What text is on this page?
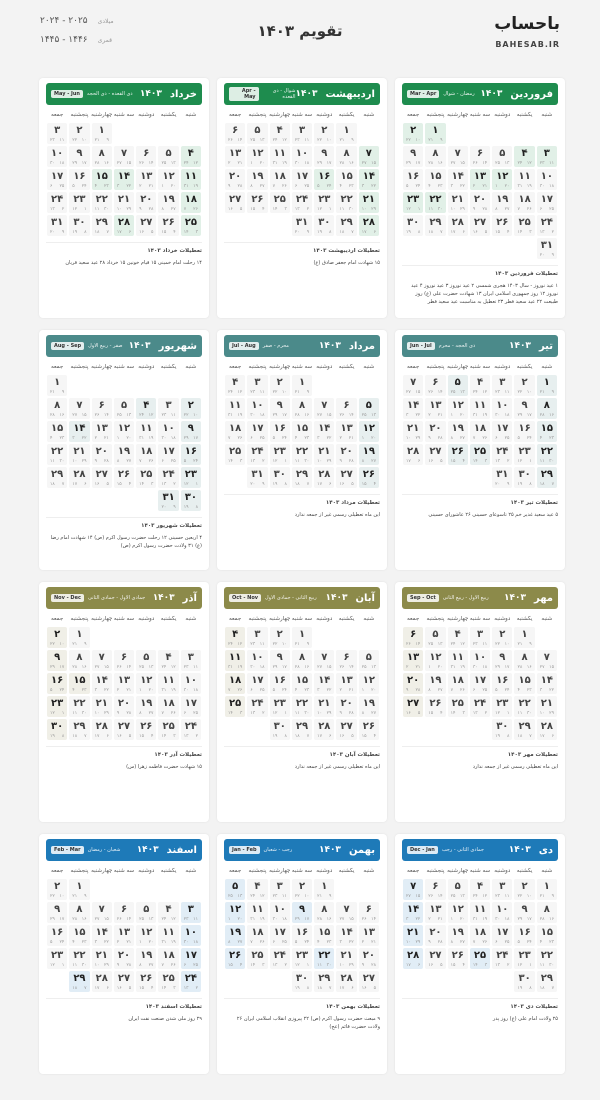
باحساب
BAHESAB.IR
تقویم ۱۴۰۳
۲۰۲۴ - ۲۰۲۵ میلادی
۱۴۴۵ - ۱۴۴۶ قمری
فروردین
۱۴۰۳
رمضان - شوال
Mar - Apr
شنبه
یکشنبه
دوشنبه
سه شنبه
چهارشنبه
پنجشنبه
جمعه
۱
۹
۲۱
۲
۱۰
۲۲
۳
۱۱
۲۳
۴
۱۲
۲۴
۵
۱۳
۲۵
۶
۱۴
۲۶
۷
۱۵
۲۷
۸
۱۶
۲۸
۹
۱۷
۲۹
۱۰
۱۸
۳۰
۱۱
۱۹
۳۱
۱۲
۲۰
۱
۱۳
۲۱
۲
۱۴
۲۲
۳
۱۵
۲۳
۴
۱۶
۲۴
۵
۱۷
۲۵
۶
۱۸
۲۶
۷
۱۹
۲۷
۸
۲۰
۲۸
۹
۲۱
۲۹
۱۰
۲۲
۳۰
۱۱
۲۳
۱
۱۲
۲۴
۲
۱۳
۲۵
۳
۱۴
۲۶
۴
۱۵
۲۷
۵
۱۶
۲۸
۶
۱۷
۲۹
۷
۱۸
۳۰
۸
۱۹
۳۱
۹
۲۰
تعطیلات فروردین ۱۴۰۳
۱ عید نوروز - سال ۱۴۰۳ هجری شمسی ۲ عید نوروز ۳ عید نوروز ۴ عید نوروز ۱۲ روز جمهوری اسلامی ایران ۱۳ شهادت حضرت علی (ع) روز طبیعت ۲۲ عید سعید فطر ۲۳ تعطیل به مناسبت عید سعید فطر
اردیبهشت
۱۴۰۳
شوال - ذی القعده
Apr - May
شنبه
یکشنبه
دوشنبه
سه شنبه
چهارشنبه
پنجشنبه
جمعه
۱
۹
۲۱
۲
۱۰
۲۲
۳
۱۱
۲۳
۴
۱۲
۲۴
۵
۱۳
۲۵
۶
۱۴
۲۶
۷
۱۵
۲۷
۸
۱۶
۲۸
۹
۱۷
۲۹
۱۰
۱۸
۳۰
۱۱
۱۹
۳۱
۱۲
۲۰
۱
۱۳
۲۱
۲
۱۴
۲۲
۳
۱۵
۲۳
۴
۱۶
۲۴
۵
۱۷
۲۵
۶
۱۸
۲۶
۷
۱۹
۲۷
۸
۲۰
۲۸
۹
۲۱
۲۹
۱۰
۲۲
۳۰
۱۱
۲۳
۱
۱۲
۲۴
۲
۱۳
۲۵
۳
۱۴
۲۶
۴
۱۵
۲۷
۵
۱۶
۲۸
۶
۱۷
۲۹
۷
۱۸
۳۰
۸
۱۹
۳۱
۹
۲۰
تعطیلات اردیبهشت ۱۴۰۳
۱۵ شهادت امام جعفر صادق (ع)
خرداد
۱۴۰۳
ذی القعده - ذی الحجه
May - Jun
شنبه
یکشنبه
دوشنبه
سه شنبه
چهارشنبه
پنجشنبه
جمعه
۱
۹
۲۱
۲
۱۰
۲۲
۳
۱۱
۲۳
۴
۱۲
۲۴
۵
۱۳
۲۵
۶
۱۴
۲۶
۷
۱۵
۲۷
۸
۱۶
۲۸
۹
۱۷
۲۹
۱۰
۱۸
۳۰
۱۱
۱۹
۳۱
۱۲
۲۰
۱
۱۳
۲۱
۲
۱۴
۲۲
۳
۱۵
۲۳
۴
۱۶
۲۴
۵
۱۷
۲۵
۶
۱۸
۲۶
۷
۱۹
۲۷
۸
۲۰
۲۸
۹
۲۱
۲۹
۱۰
۲۲
۳۰
۱۱
۲۳
۱
۱۲
۲۴
۲
۱۳
۲۵
۳
۱۴
۲۶
۴
۱۵
۲۷
۵
۱۶
۲۸
۶
۱۷
۲۹
۷
۱۸
۳۰
۸
۱۹
۳۱
۹
۲۰
تعطیلات خرداد ۱۴۰۳
۱۴ رحلت امام خمینی ۱۵ قیام خونین ۱۵ خرداد ۲۸ عید سعید قربان
تیر
۱۴۰۳
ذی الحجه - محرم
Jun - Jul
شنبه
یکشنبه
دوشنبه
سه شنبه
چهارشنبه
پنجشنبه
جمعه
۱
۹
۲۱
۲
۱۰
۲۲
۳
۱۱
۲۳
۴
۱۲
۲۴
۵
۱۳
۲۵
۶
۱۴
۲۶
۷
۱۵
۲۷
۸
۱۶
۲۸
۹
۱۷
۲۹
۱۰
۱۸
۳۰
۱۱
۱۹
۳۱
۱۲
۲۰
۱
۱۳
۲۱
۲
۱۴
۲۲
۳
۱۵
۲۳
۴
۱۶
۲۴
۵
۱۷
۲۵
۶
۱۸
۲۶
۷
۱۹
۲۷
۸
۲۰
۲۸
۹
۲۱
۲۹
۱۰
۲۲
۳۰
۱۱
۲۳
۱
۱۲
۲۴
۲
۱۳
۲۵
۳
۱۴
۲۶
۴
۱۵
۲۷
۵
۱۶
۲۸
۶
۱۷
۲۹
۷
۱۸
۳۰
۸
۱۹
۳۱
۹
۲۰
تعطیلات تیر ۱۴۰۳
۵ عید سعید غدیر خم ۲۵ تاسوعای حسینی ۲۶ عاشورای حسینی
مرداد
۱۴۰۳
محرم - صفر
Jul - Aug
شنبه
یکشنبه
دوشنبه
سه شنبه
چهارشنبه
پنجشنبه
جمعه
۱
۹
۲۱
۲
۱۰
۲۲
۳
۱۱
۲۳
۴
۱۲
۲۴
۵
۱۳
۲۵
۶
۱۴
۲۶
۷
۱۵
۲۷
۸
۱۶
۲۸
۹
۱۷
۲۹
۱۰
۱۸
۳۰
۱۱
۱۹
۳۱
۱۲
۲۰
۱
۱۳
۲۱
۲
۱۴
۲۲
۳
۱۵
۲۳
۴
۱۶
۲۴
۵
۱۷
۲۵
۶
۱۸
۲۶
۷
۱۹
۲۷
۸
۲۰
۲۸
۹
۲۱
۲۹
۱۰
۲۲
۳۰
۱۱
۲۳
۱
۱۲
۲۴
۲
۱۳
۲۵
۳
۱۴
۲۶
۴
۱۵
۲۷
۵
۱۶
۲۸
۶
۱۷
۲۹
۷
۱۸
۳۰
۸
۱۹
۳۱
۹
۲۰
تعطیلات مرداد ۱۴۰۳
این ماه تعطیلی رسمی غیر از جمعه ندارد
شهریور
۱۴۰۳
صفر - ربیع الاول
Aug - Sep
شنبه
یکشنبه
دوشنبه
سه شنبه
چهارشنبه
پنجشنبه
جمعه
۱
۹
۲۱
۲
۱۰
۲۲
۳
۱۱
۲۳
۴
۱۲
۲۴
۵
۱۳
۲۵
۶
۱۴
۲۶
۷
۱۵
۲۷
۸
۱۶
۲۸
۹
۱۷
۲۹
۱۰
۱۸
۳۰
۱۱
۱۹
۳۱
۱۲
۲۰
۱
۱۳
۲۱
۲
۱۴
۲۲
۳
۱۵
۲۳
۴
۱۶
۲۴
۵
۱۷
۲۵
۶
۱۸
۲۶
۷
۱۹
۲۷
۸
۲۰
۲۸
۹
۲۱
۲۹
۱۰
۲۲
۳۰
۱۱
۲۳
۱
۱۲
۲۴
۲
۱۳
۲۵
۳
۱۴
۲۶
۴
۱۵
۲۷
۵
۱۶
۲۸
۶
۱۷
۲۹
۷
۱۸
۳۰
۸
۱۹
۳۱
۹
۲۰
تعطیلات شهریور ۱۴۰۳
۴ اربعین حسینی ۱۲ رحلت حضرت رسول اکرم (ص) ۱۴ شهادت امام رضا (ع) ۳۱ ولادت حضرت رسول اکرم (ص)
مهر
۱۴۰۳
ربیع الاول - ربیع الثانی
Sep - Oct
شنبه
یکشنبه
دوشنبه
سه شنبه
چهارشنبه
پنجشنبه
جمعه
۱
۹
۲۱
۲
۱۰
۲۲
۳
۱۱
۲۳
۴
۱۲
۲۴
۵
۱۳
۲۵
۶
۱۴
۲۶
۷
۱۵
۲۷
۸
۱۶
۲۸
۹
۱۷
۲۹
۱۰
۱۸
۳۰
۱۱
۱۹
۳۱
۱۲
۲۰
۱
۱۳
۲۱
۲
۱۴
۲۲
۳
۱۵
۲۳
۴
۱۶
۲۴
۵
۱۷
۲۵
۶
۱۸
۲۶
۷
۱۹
۲۷
۸
۲۰
۲۸
۹
۲۱
۲۹
۱۰
۲۲
۳۰
۱۱
۲۳
۱
۱۲
۲۴
۲
۱۳
۲۵
۳
۱۴
۲۶
۴
۱۵
۲۷
۵
۱۶
۲۸
۶
۱۷
۲۹
۷
۱۸
۳۰
۸
۱۹
تعطیلات مهر ۱۴۰۳
این ماه تعطیلی رسمی غیر از جمعه ندارد
آبان
۱۴۰۳
ربیع الثانی - جمادی الاول
Oct - Nov
شنبه
یکشنبه
دوشنبه
سه شنبه
چهارشنبه
پنجشنبه
جمعه
۱
۹
۲۱
۲
۱۰
۲۲
۳
۱۱
۲۳
۴
۱۲
۲۴
۵
۱۳
۲۵
۶
۱۴
۲۶
۷
۱۵
۲۷
۸
۱۶
۲۸
۹
۱۷
۲۹
۱۰
۱۸
۳۰
۱۱
۱۹
۳۱
۱۲
۲۰
۱
۱۳
۲۱
۲
۱۴
۲۲
۳
۱۵
۲۳
۴
۱۶
۲۴
۵
۱۷
۲۵
۶
۱۸
۲۶
۷
۱۹
۲۷
۸
۲۰
۲۸
۹
۲۱
۲۹
۱۰
۲۲
۳۰
۱۱
۲۳
۱
۱۲
۲۴
۲
۱۳
۲۵
۳
۱۴
۲۶
۴
۱۵
۲۷
۵
۱۶
۲۸
۶
۱۷
۲۹
۷
۱۸
۳۰
۸
۱۹
تعطیلات آبان ۱۴۰۳
این ماه تعطیلی رسمی غیر از جمعه ندارد
آذر
۱۴۰۳
جمادی الاول - جمادی الثانی
Nov - Dec
شنبه
یکشنبه
دوشنبه
سه شنبه
چهارشنبه
پنجشنبه
جمعه
۱
۹
۲۱
۲
۱۰
۲۲
۳
۱۱
۲۳
۴
۱۲
۲۴
۵
۱۳
۲۵
۶
۱۴
۲۶
۷
۱۵
۲۷
۸
۱۶
۲۸
۹
۱۷
۲۹
۱۰
۱۸
۳۰
۱۱
۱۹
۳۱
۱۲
۲۰
۱
۱۳
۲۱
۲
۱۴
۲۲
۳
۱۵
۲۳
۴
۱۶
۲۴
۵
۱۷
۲۵
۶
۱۸
۲۶
۷
۱۹
۲۷
۸
۲۰
۲۸
۹
۲۱
۲۹
۱۰
۲۲
۳۰
۱۱
۲۳
۱
۱۲
۲۴
۲
۱۳
۲۵
۳
۱۴
۲۶
۴
۱۵
۲۷
۵
۱۶
۲۸
۶
۱۷
۲۹
۷
۱۸
۳۰
۸
۱۹
تعطیلات آذر ۱۴۰۳
۱۵ شهادت حضرت فاطمه زهرا (س)
دی
۱۴۰۳
جمادی الثانی - رجب
Dec - Jan
شنبه
یکشنبه
دوشنبه
سه شنبه
چهارشنبه
پنجشنبه
جمعه
۱
۹
۲۱
۲
۱۰
۲۲
۳
۱۱
۲۳
۴
۱۲
۲۴
۵
۱۳
۲۵
۶
۱۴
۲۶
۷
۱۵
۲۷
۸
۱۶
۲۸
۹
۱۷
۲۹
۱۰
۱۸
۳۰
۱۱
۱۹
۳۱
۱۲
۲۰
۱
۱۳
۲۱
۲
۱۴
۲۲
۳
۱۵
۲۳
۴
۱۶
۲۴
۵
۱۷
۲۵
۶
۱۸
۲۶
۷
۱۹
۲۷
۸
۲۰
۲۸
۹
۲۱
۲۹
۱۰
۲۲
۳۰
۱۱
۲۳
۱
۱۲
۲۴
۲
۱۳
۲۵
۳
۱۴
۲۶
۴
۱۵
۲۷
۵
۱۶
۲۸
۶
۱۷
۲۹
۷
۱۸
۳۰
۸
۱۹
تعطیلات دی ۱۴۰۳
۲۵ ولادت امام علی (ع) روز پدر
بهمن
۱۴۰۳
رجب - شعبان
Jan - Feb
شنبه
یکشنبه
دوشنبه
سه شنبه
چهارشنبه
پنجشنبه
جمعه
۱
۹
۲۱
۲
۱۰
۲۲
۳
۱۱
۲۳
۴
۱۲
۲۴
۵
۱۳
۲۵
۶
۱۴
۲۶
۷
۱۵
۲۷
۸
۱۶
۲۸
۹
۱۷
۲۹
۱۰
۱۸
۳۰
۱۱
۱۹
۳۱
۱۲
۲۰
۱
۱۳
۲۱
۲
۱۴
۲۲
۳
۱۵
۲۳
۴
۱۶
۲۴
۵
۱۷
۲۵
۶
۱۸
۲۶
۷
۱۹
۲۷
۸
۲۰
۲۸
۹
۲۱
۲۹
۱۰
۲۲
۳۰
۱۱
۲۳
۱
۱۲
۲۴
۲
۱۳
۲۵
۳
۱۴
۲۶
۴
۱۵
۲۷
۵
۱۶
۲۸
۶
۱۷
۲۹
۷
۱۸
۳۰
۸
۱۹
تعطیلات بهمن ۱۴۰۳
۹ مبعث حضرت رسول اکرم (ص) ۲۲ پیروزی انقلاب اسلامی ایران ۲۶ ولادت حضرت قائم (عج)
اسفند
۱۴۰۳
شعبان - رمضان
Feb - Mar
شنبه
یکشنبه
دوشنبه
سه شنبه
چهارشنبه
پنجشنبه
جمعه
۱
۹
۲۱
۲
۱۰
۲۲
۳
۱۱
۲۳
۴
۱۲
۲۴
۵
۱۳
۲۵
۶
۱۴
۲۶
۷
۱۵
۲۷
۸
۱۶
۲۸
۹
۱۷
۲۹
۱۰
۱۸
۳۰
۱۱
۱۹
۳۱
۱۲
۲۰
۱
۱۳
۲۱
۲
۱۴
۲۲
۳
۱۵
۲۳
۴
۱۶
۲۴
۵
۱۷
۲۵
۶
۱۸
۲۶
۷
۱۹
۲۷
۸
۲۰
۲۸
۹
۲۱
۲۹
۱۰
۲۲
۳۰
۱۱
۲۳
۱
۱۲
۲۴
۲
۱۳
۲۵
۳
۱۴
۲۶
۴
۱۵
۲۷
۵
۱۶
۲۸
۶
۱۷
۲۹
۷
۱۸
تعطیلات اسفند ۱۴۰۳
۲۹ روز ملی شدن صنعت نفت ایران
